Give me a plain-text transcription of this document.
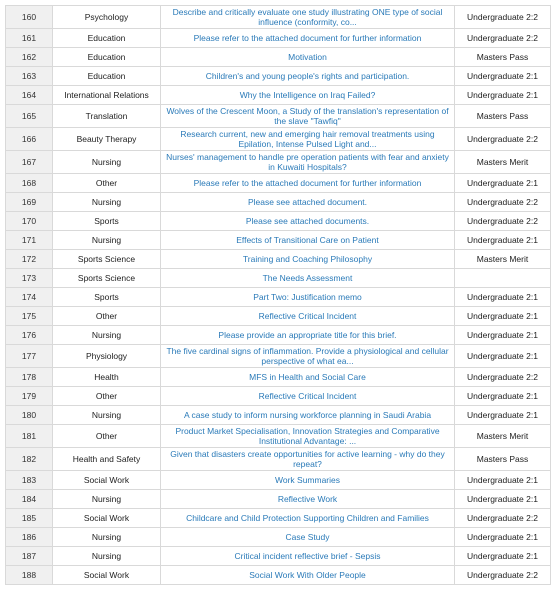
160	Psychology	Describe and critically evaluate one study illustrating ONE type of social influence (conformity, co...	Undergraduate 2:2
161	Education	Please refer to the attached document for further information	Undergraduate 2:2
162	Education	Motivation	Masters Pass
163	Education	Children's and young people's rights and participation.	Undergraduate 2:1
164	International Relations	Why the Intelligence on Iraq Failed?	Undergraduate 2:1
165	Translation	Wolves of the Crescent Moon, a Study of the translation's representation of the slave "Tawfiq"	Masters Pass
166	Beauty Therapy	Research current, new and emerging hair removal treatments using Epilation, Intense Pulsed Light and...	Undergraduate 2:2
167	Nursing	Nurses' management to handle pre operation patients with fear and anxiety in Kuwaiti Hospitals?	Masters Merit
168	Other	Please refer to the attached document for further information	Undergraduate 2:1
169	Nursing	Please see attached document.	Undergraduate 2:2
170	Sports	Please see attached documents.	Undergraduate 2:2
171	Nursing	Effects of Transitional Care on Patient	Undergraduate 2:1
172	Sports Science	Training and Coaching Philosophy	Masters Merit
173	Sports Science	The Needs Assessment	
174	Sports	Part Two: Justification memo	Undergraduate 2:1
175	Other	Reflective Critical Incident	Undergraduate 2:1
176	Nursing	Please provide an appropriate title for this brief.	Undergraduate 2:1
177	Physiology	The five cardinal signs of inflammation. Provide a physiological and cellular perspective of what ea...	Undergraduate 2:1
178	Health	MFS in Health and Social Care	Undergraduate 2:2
179	Other	Reflective Critical Incident	Undergraduate 2:1
180	Nursing	A case study to inform nursing workforce planning in Saudi Arabia	Undergraduate 2:1
181	Other	Product Market Specialisation, Innovation Strategies and Comparative Institutional Advantage: ...	Masters Merit
182	Health and Safety	Given that disasters create opportunities for active learning - why do they repeat?	Masters Pass
183	Social Work	Work Summaries	Undergraduate 2:1
184	Nursing	Reflective Work	Undergraduate 2:1
185	Social Work	Childcare and Child Protection Supporting Children and Families	Undergraduate 2:2
186	Nursing	Case Study	Undergraduate 2:1
187	Nursing	Critical incident reflective brief - Sepsis	Undergraduate 2:1
188	Social Work	Social Work With Older People	Undergraduate 2:2
